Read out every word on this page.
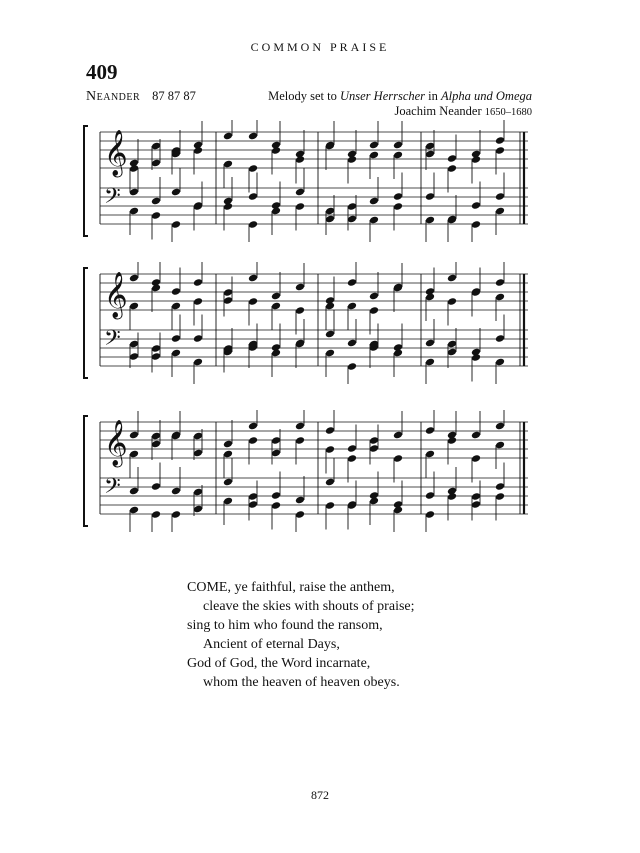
COMMON PRAISE
409
Neander 87 87 87	Melody set to Unser Herrscher in Alpha und Omega
Joachim Neander 1650–1680
𝄞
𝄢
𝄞
𝄢
𝄞
𝄢
COME, ye faithful, raise the anthem,
cleave the skies with shouts of praise;
sing to him who found the ransom,
Ancient of eternal Days,
God of God, the Word incarnate,
whom the heaven of heaven obeys.
872
